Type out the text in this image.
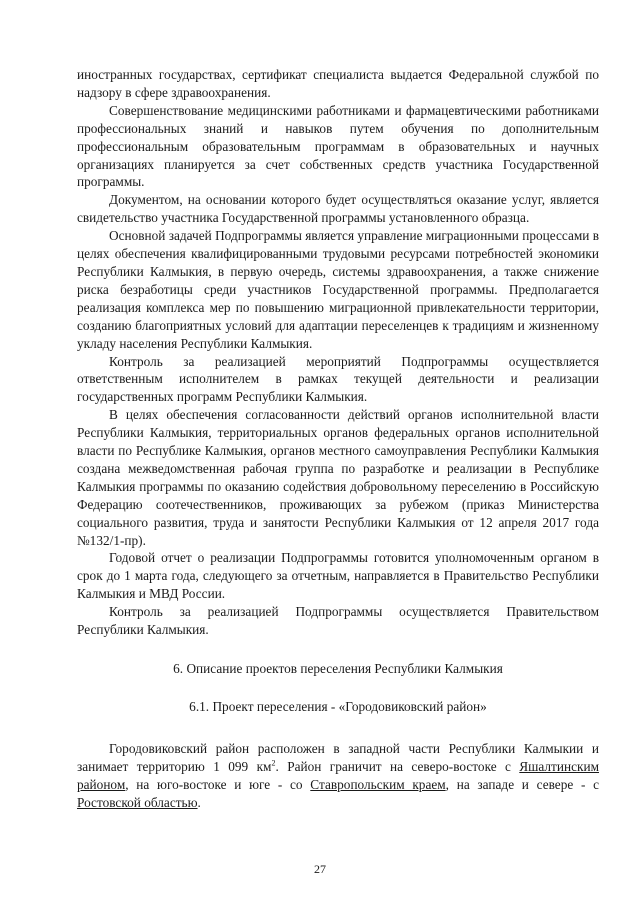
иностранных государствах, сертификат специалиста выдается Федеральной службой по надзору в сфере здравоохранения.

Совершенствование медицинскими работниками и фармацевтическими работниками профессиональных знаний и навыков путем обучения по дополнительным профессиональным образовательным программам в образовательных и научных организациях планируется за счет собственных средств участника Государственной программы.

Документом, на основании которого будет осуществляться оказание услуг, является свидетельство участника Государственной программы установленного образца.

Основной задачей Подпрограммы является управление миграционными процессами в целях обеспечения квалифицированными трудовыми ресурсами потребностей экономики Республики Калмыкия, в первую очередь, системы здравоохранения, а также снижение риска безработицы среди участников Государственной программы. Предполагается реализация комплекса мер по повышению миграционной привлекательности территории, созданию благоприятных условий для адаптации переселенцев к традициям и жизненному укладу населения Республики Калмыкия.

Контроль за реализацией мероприятий Подпрограммы осуществляется ответственным исполнителем в рамках текущей деятельности и реализации государственных программ Республики Калмыкия.

В целях обеспечения согласованности действий органов исполнительной власти Республики Калмыкия, территориальных органов федеральных органов исполнительной власти по Республике Калмыкия, органов местного самоуправления Республики Калмыкия создана межведомственная рабочая группа по разработке и реализации в Республике Калмыкия программы по оказанию содействия добровольному переселению в Российскую Федерацию соотечественников, проживающих за рубежом (приказ Министерства социального развития, труда и занятости Республики Калмыкия от 12 апреля 2017 года №132/1-пр).

Годовой отчет о реализации Подпрограммы готовится уполномоченным органом в срок до 1 марта года, следующего за отчетным, направляется в Правительство Республики Калмыкия и МВД России.

Контроль за реализацией Подпрограммы осуществляется Правительством Республики Калмыкия.

6. Описание проектов переселения Республики Калмыкия

6.1. Проект переселения - «Городовиковский район»

Городовиковский район расположен в западной части Республики Калмыкии и занимает территорию 1 099 $км^2$. Район граничит на северо-востоке с Яшалтинским районом, на юго-востоке и юге - со Ставропольским краем, на западе и севере - с Ростовской областью.

27
